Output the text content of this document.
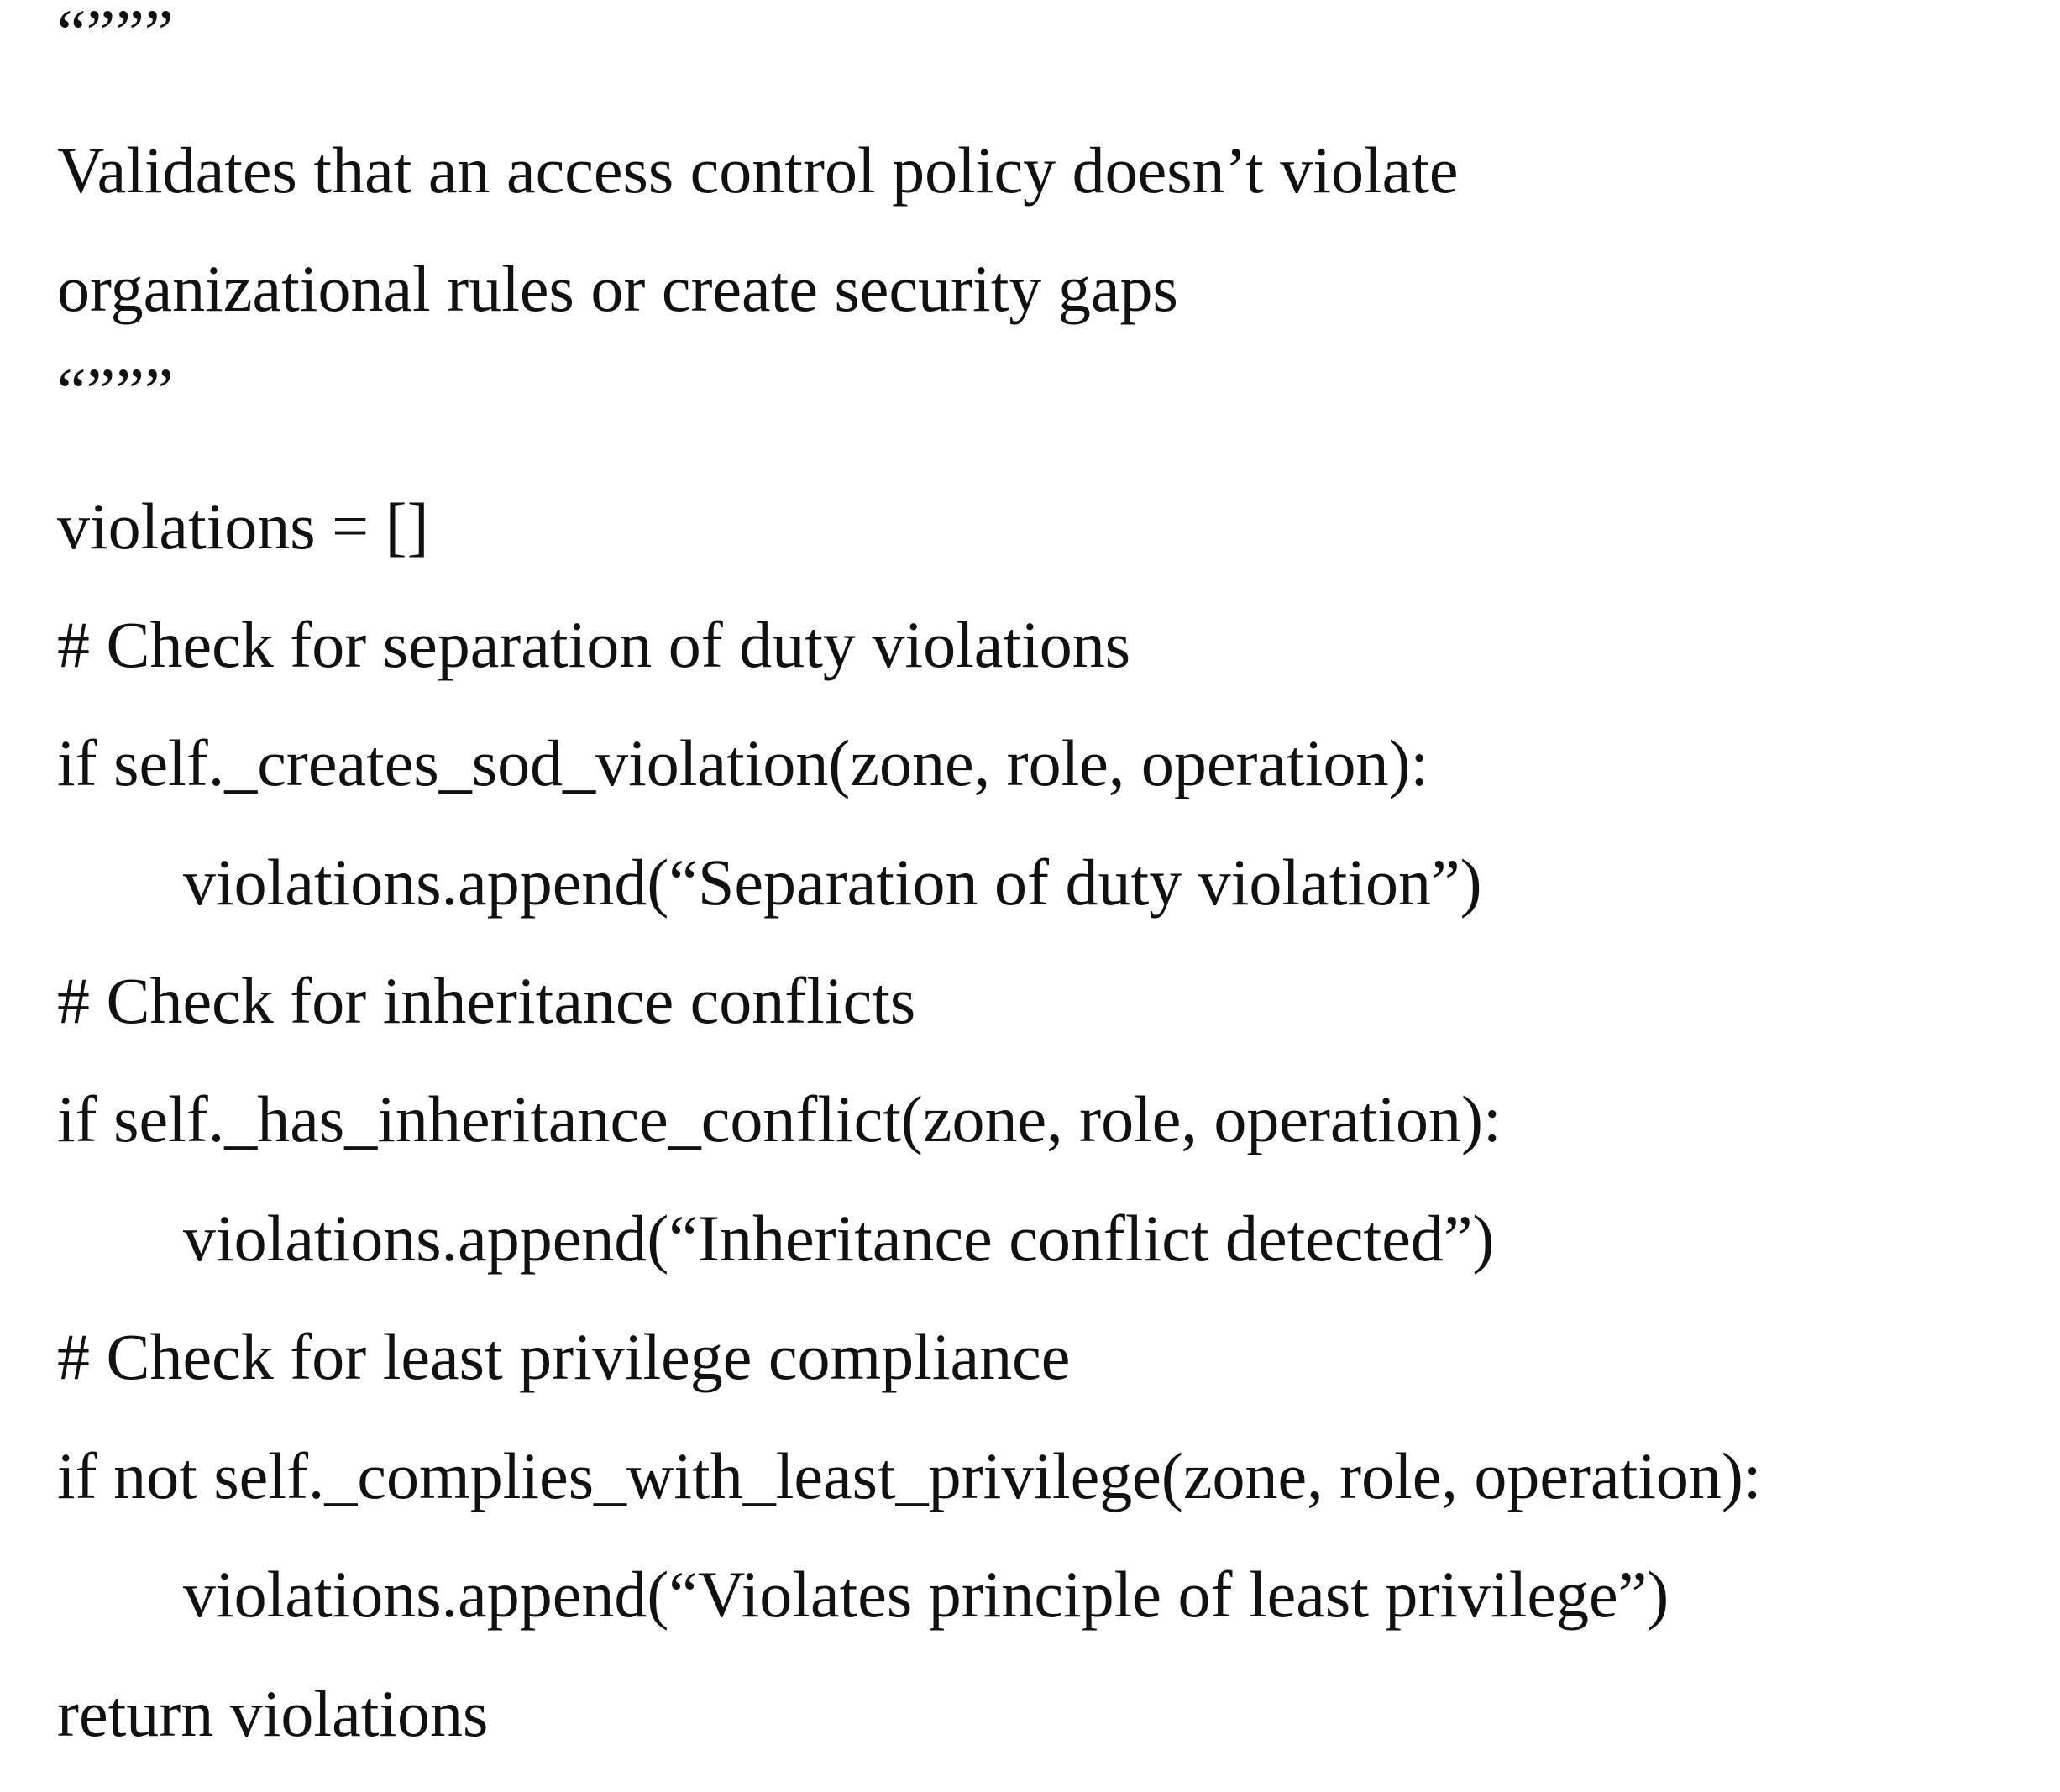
“”””
Validates that an access control policy doesn’t violate
organizational rules or create security gaps
“”””
violations = []
# Check for separation of duty violations
if self._creates_sod_violation(zone, role, operation):
violations.append(“Separation of duty violation”)
# Check for inheritance conflicts
if self._has_inheritance_conflict(zone, role, operation):
violations.append(“Inheritance conflict detected”)
# Check for least privilege compliance
if not self._complies_with_least_privilege(zone, role, operation):
violations.append(“Violates principle of least privilege”)
return violations
